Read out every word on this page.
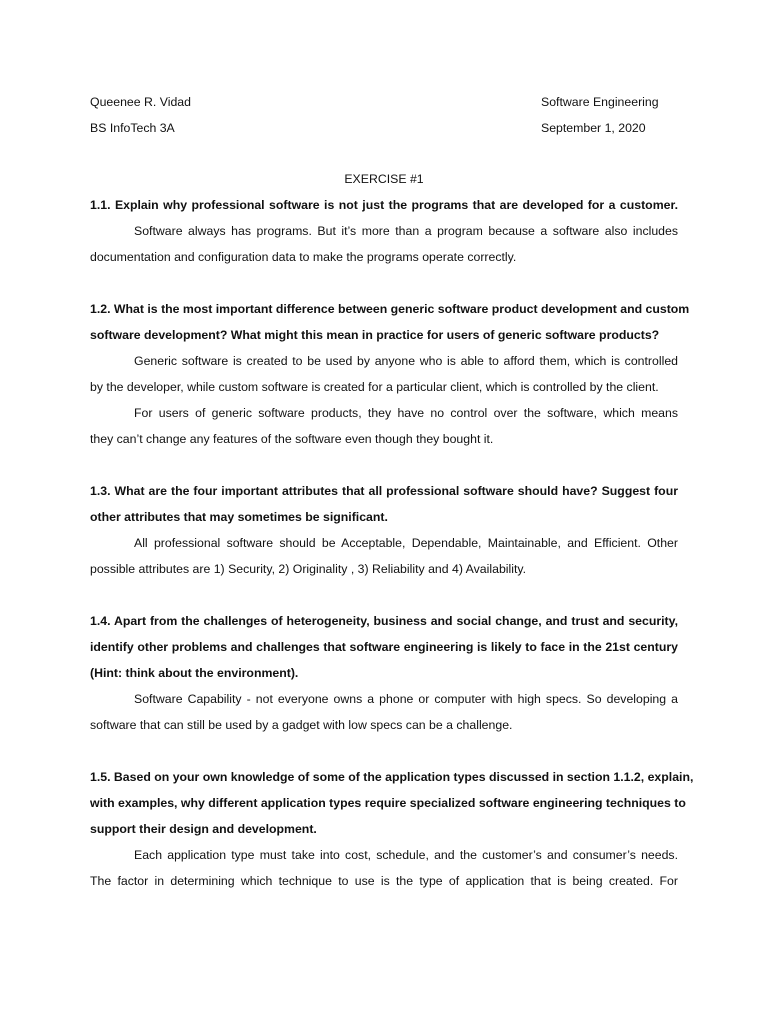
Queenee R. Vidad	Software Engineering
BS InfoTech 3A	September 1, 2020
EXERCISE #1
1.1. Explain why professional software is not just the programs that are developed for a customer.
Software always has programs. But it’s more than a program because a software also includes
documentation and configuration data to make the programs operate correctly.
1.2. What is the most important difference between generic software product development and custom
software development? What might this mean in practice for users of generic software products?
Generic software is created to be used by anyone who is able to afford them, which is controlled
by the developer, while custom software is created for a particular client, which is controlled by the client.
For users of generic software products, they have no control over the software, which means
they can’t change any features of the software even though they bought it.
1.3. What are the four important attributes that all professional software should have? Suggest four
other attributes that may sometimes be significant.
All professional software should be Acceptable, Dependable, Maintainable, and Efficient. Other
possible attributes are 1) Security, 2) Originality , 3) Reliability and 4) Availability.
1.4. Apart from the challenges of heterogeneity, business and social change, and trust and security,
identify other problems and challenges that software engineering is likely to face in the 21st century
(Hint: think about the environment).
Software Capability - not everyone owns a phone or computer with high specs. So developing a
software that can still be used by a gadget with low specs can be a challenge.
1.5. Based on your own knowledge of some of the application types discussed in section 1.1.2, explain,
with examples, why different application types require specialized software engineering techniques to
support their design and development.
Each application type must take into cost, schedule, and the customer’s and consumer’s needs.
The factor in determining which technique to use is the type of application that is being created. For
